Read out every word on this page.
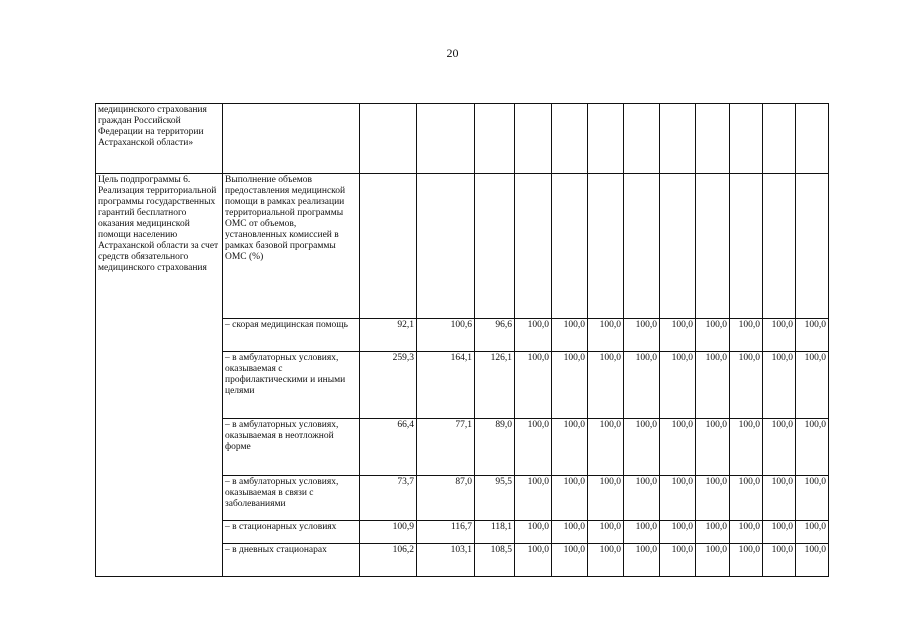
20
медицинского страхования граждан Российской Федерации на территории Астраханской области»													
Цель подпрограммы 6. Реализация территориальной программы государственных гарантий бесплатного оказания медицинской помощи населению Астраханской области за счет средств обязательного медицинского страхования	Выполнение объемов предоставления медицинской помощи в рамках реализации территориальной программы ОМС от объемов, установленных комиссией в рамках базовой программы ОМС (%)												
	– скорая медицинская помощь	92,1	100,6	96,6	100,0	100,0	100,0	100,0	100,0	100,0	100,0	100,0	100,0
	– в амбулаторных условиях, оказываемая с профилактическими и иными целями	259,3	164,1	126,1	100,0	100,0	100,0	100,0	100,0	100,0	100,0	100,0	100,0
	– в амбулаторных условиях, оказываемая в неотложной форме	66,4	77,1	89,0	100,0	100,0	100,0	100,0	100,0	100,0	100,0	100,0	100,0
	– в амбулаторных условиях, оказываемая в связи с заболеваниями	73,7	87,0	95,5	100,0	100,0	100,0	100,0	100,0	100,0	100,0	100,0	100,0
	– в стационарных условиях	100,9	116,7	118,1	100,0	100,0	100,0	100,0	100,0	100,0	100,0	100,0	100,0
	– в дневных стационарах	106,2	103,1	108,5	100,0	100,0	100,0	100,0	100,0	100,0	100,0	100,0	100,0
